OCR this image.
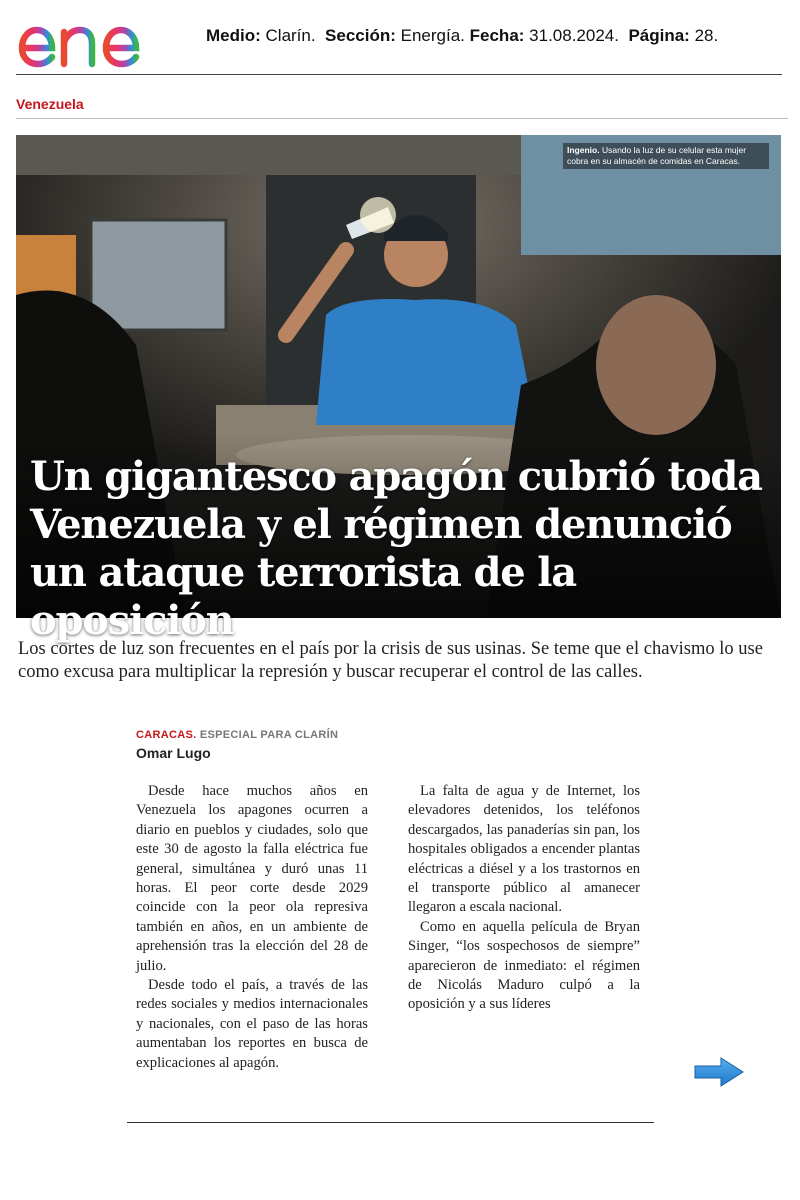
Medio: Clarín. Sección: Energía. Fecha: 31.08.2024. Página: 28.
Venezuela
Ingenio. Usando la luz de su celular esta mujer cobra en su almacén de comidas en Caracas.
Un gigantesco apagón cubrió toda Venezuela y el régimen denunció un ataque terrorista de la oposición

Los cortes de luz son frecuentes en el país por la crisis de sus usinas. Se teme que el chavismo lo use como excusa para multiplicar la represión y buscar recuperar el control de las calles.

CARACAS. ESPECIAL PARA CLARÍN
Omar Lugo

Desde hace muchos años en Venezuela los apagones ocurren a diario en pueblos y ciudades, solo que este 30 de agosto la falla eléctrica fue general, simultánea y duró unas 11 horas. El peor corte desde 2029 coincide con la peor ola represiva también en años, en un ambiente de aprehensión tras la elección del 28 de julio.

Desde todo el país, a través de las redes sociales y medios internacionales y nacionales, con el paso de las horas aumentaban los reportes en busca de explicaciones al apagón.

La falta de agua y de Internet, los elevadores detenidos, los teléfonos descargados, las panaderías sin pan, los hospitales obligados a encender plantas eléctricas a diésel y a los trastornos en el transporte público al amanecer llegaron a escala nacional.

Como en aquella película de Bryan Singer, “los sospechosos de siempre” aparecieron de inmediato: el régimen de Nicolás Maduro culpó a la oposición y a sus líderes
